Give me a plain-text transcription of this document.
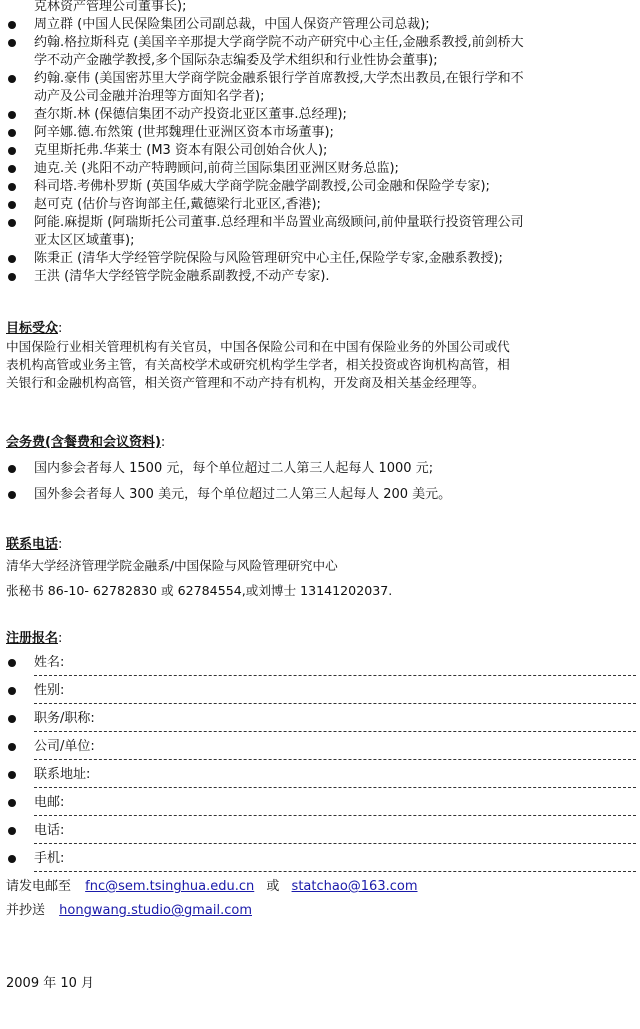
克林资产管理公司董事长);
周立群 (中国人民保险集团公司副总裁，中国人保资产管理公司总裁);
约翰.格拉斯科克 (美国辛辛那提大学商学院不动产研究中心主任,金融系教授,前剑桥大
学不动产金融学教授,多个国际杂志编委及学术组织和行业性协会董事);
约翰.豪伟 (美国密苏里大学商学院金融系银行学首席教授,大学杰出教员,在银行学和不
动产及公司金融并治理等方面知名学者);
查尔斯.林 (保德信集团不动产投资北亚区董事.总经理);
阿辛娜.德.布然策 (世邦魏理仕亚洲区资本市场董事);
克里斯托弗.华莱士 (M3 资本有限公司创始合伙人);
迪克.关 (兆阳不动产特聘顾问,前荷兰国际集团亚洲区财务总监);
科司塔.考佛朴罗斯 (英国华威大学商学院金融学副教授,公司金融和保险学专家);
赵可克 (估价与咨询部主任,戴德梁行北亚区,香港);
阿能.麻提斯 (阿瑞斯托公司董事.总经理和半岛置业高级顾问,前仲量联行投资管理公司
亚太区区域董事);
陈秉正 (清华大学经管学院保险与风险管理研究中心主任,保险学专家,金融系教授);
王洪 (清华大学经管学院金融系副教授,不动产专家).
目标受众:
中国保险行业相关管理机构有关官员，中国各保险公司和在中国有保险业务的外国公司或代
表机构高管或业务主管，有关高校学术或研究机构学生学者，相关投资或咨询机构高管，相
关银行和金融机构高管，相关资产管理和不动产持有机构，开发商及相关基金经理等。
会务费(含餐费和会议资料):
国内参会者每人 1500 元，每个单位超过二人第三人起每人 1000 元;
国外参会者每人 300 美元，每个单位超过二人第三人起每人 200 美元。
联系电话:
清华大学经济管理学院金融系/中国保险与风险管理研究中心
张秘书 86-10- 62782830 或 62784554,或刘博士 13141202037.
注册报名:
姓名:
性别:
职务/职称:
公司/单位:
联系地址:
电邮:
电话:
手机:
请发电邮至 fnc@sem.tsinghua.edu.cn 或 statchao@163.com
并抄送 hongwang.studio@gmail.com
2009 年 10 月
